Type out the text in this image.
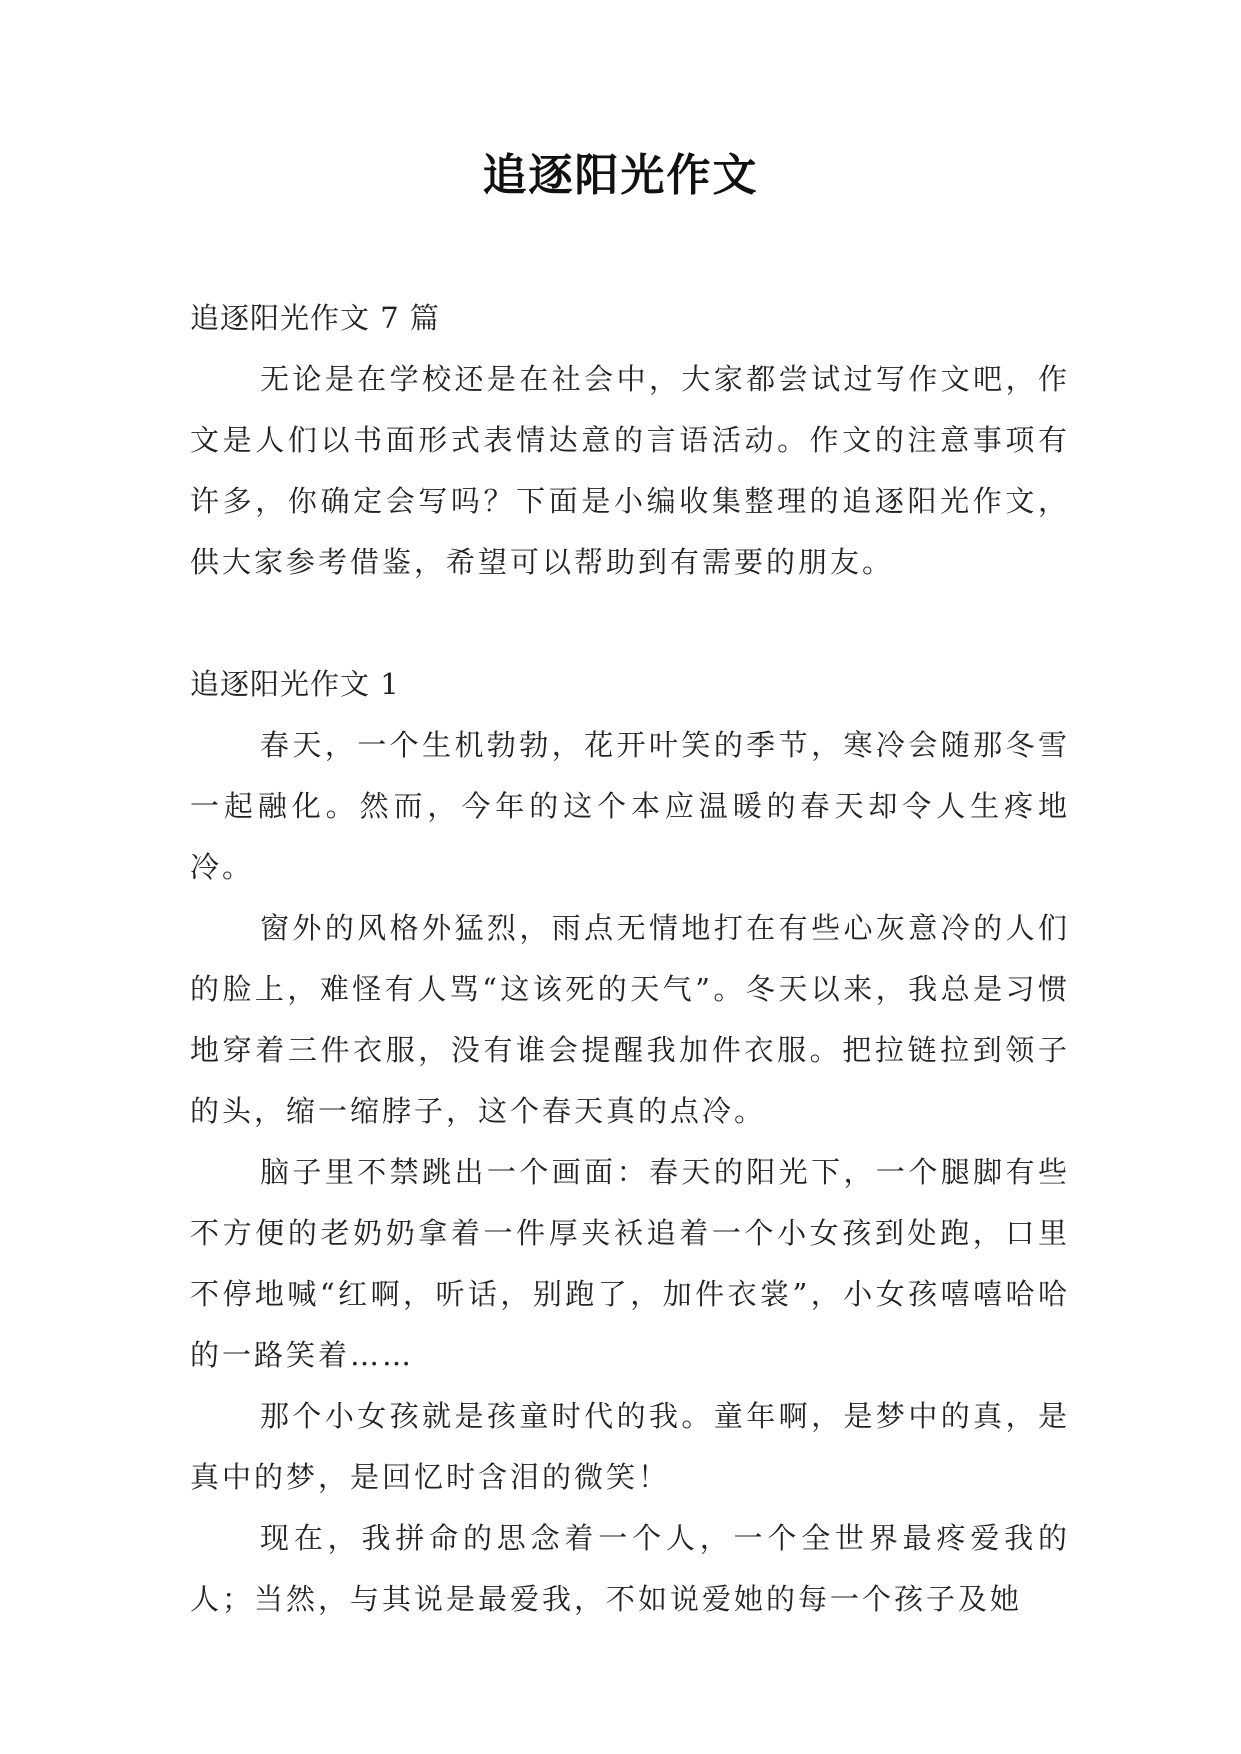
追逐阳光作文
追逐阳光作文 7 篇

无论是在学校还是在社会中，大家都尝试过写作文吧，作文是人们以书面形式表情达意的言语活动。作文的注意事项有许多，你确定会写吗？下面是小编收集整理的追逐阳光作文，供大家参考借鉴，希望可以帮助到有需要的朋友。

追逐阳光作文 1

春天，一个生机勃勃，花开叶笑的季节，寒冷会随那冬雪一起融化。然而，今年的这个本应温暖的春天却令人生疼地冷。

窗外的风格外猛烈，雨点无情地打在有些心灰意冷的人们的脸上，难怪有人骂“这该死的天气”。冬天以来，我总是习惯地穿着三件衣服，没有谁会提醒我加件衣服。把拉链拉到领子的头，缩一缩脖子，这个春天真的点冷。

脑子里不禁跳出一个画面：春天的阳光下，一个腿脚有些不方便的老奶奶拿着一件厚夹袄追着一个小女孩到处跑，口里不停地喊“红啊，听话，别跑了，加件衣裳”，小女孩嘻嘻哈哈的一路笑着……

那个小女孩就是孩童时代的我。童年啊，是梦中的真，是真中的梦，是回忆时含泪的微笑！

现在，我拼命的思念着一个人，一个全世界最疼爱我的人；当然，与其说是最爱我，不如说爱她的每一个孩子及她
